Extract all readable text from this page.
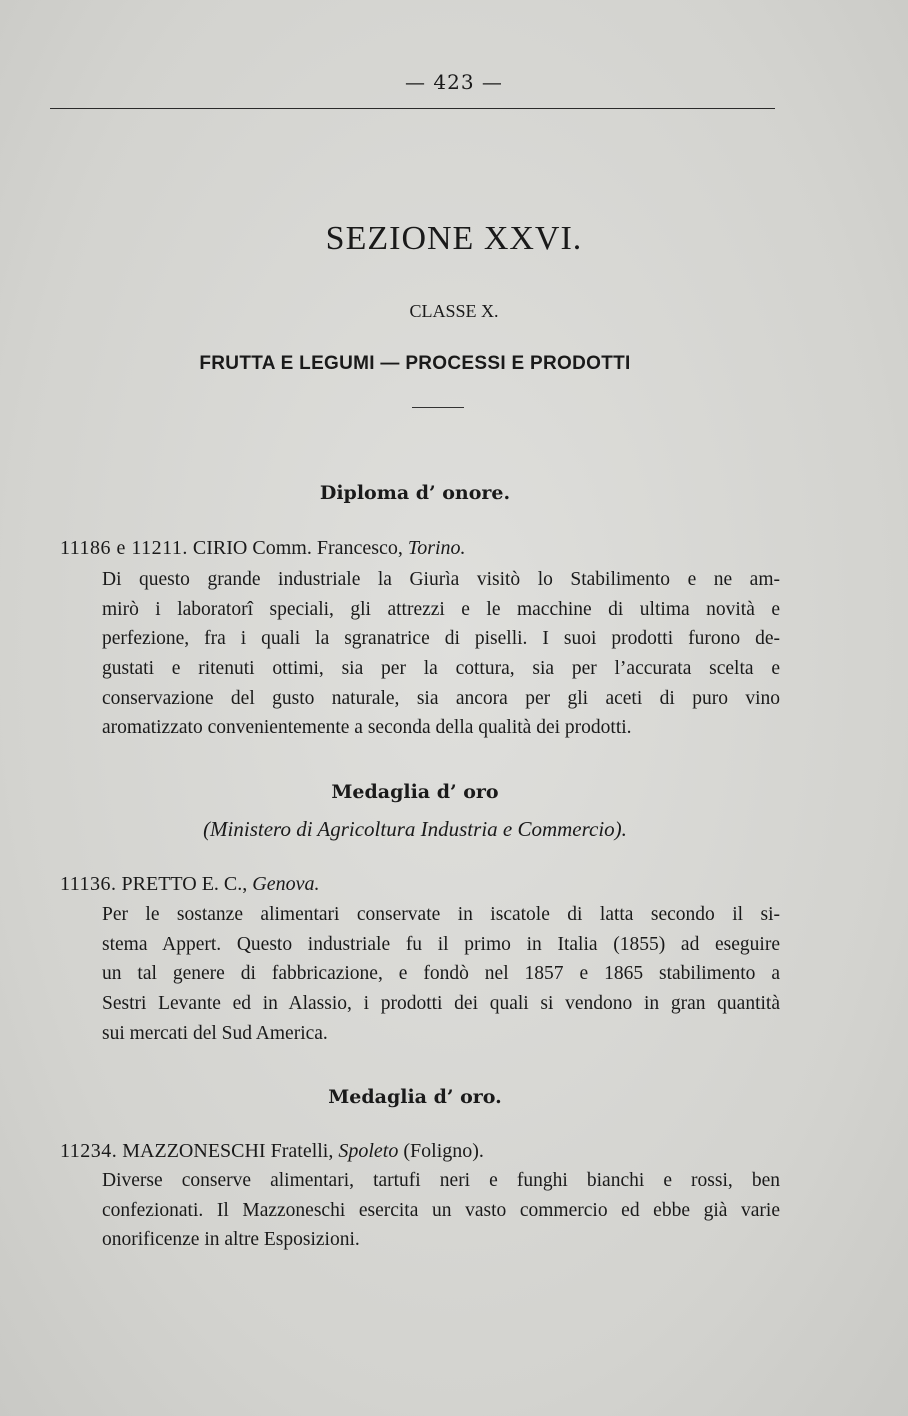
— 423 —
SEZIONE XXVI.
CLASSE X.
FRUTTA E LEGUMI — PROCESSI E PRODOTTI
Diploma d’ onore.
11186 e 11211. CIRIO Comm. Francesco, Torino.
Di questo grande industriale la Giurìa visitò lo Stabilimento e ne am-
mirò i laboratorî speciali, gli attrezzi e le macchine di ultima novità e
perfezione, fra i quali la sgranatrice di piselli. I suoi prodotti furono de-
gustati e ritenuti ottimi, sia per la cottura, sia per l’accurata scelta e
conservazione del gusto naturale, sia ancora per gli aceti di puro vino
aromatizzato convenientemente a seconda della qualità dei prodotti.
Medaglia d’ oro
(Ministero di Agricoltura Industria e Commercio).
11136. PRETTO E. C., Genova.
Per le sostanze alimentari conservate in iscatole di latta secondo il si-
stema Appert. Questo industriale fu il primo in Italia (1855) ad eseguire
un tal genere di fabbricazione, e fondò nel 1857 e 1865 stabilimento a
Sestri Levante ed in Alassio, i prodotti dei quali si vendono in gran quantità
sui mercati del Sud America.
Medaglia d’ oro.
11234. MAZZONESCHI Fratelli, Spoleto (Foligno).
Diverse conserve alimentari, tartufi neri e funghi bianchi e rossi, ben
confezionati. Il Mazzoneschi esercita un vasto commercio ed ebbe già varie
onorificenze in altre Esposizioni.
